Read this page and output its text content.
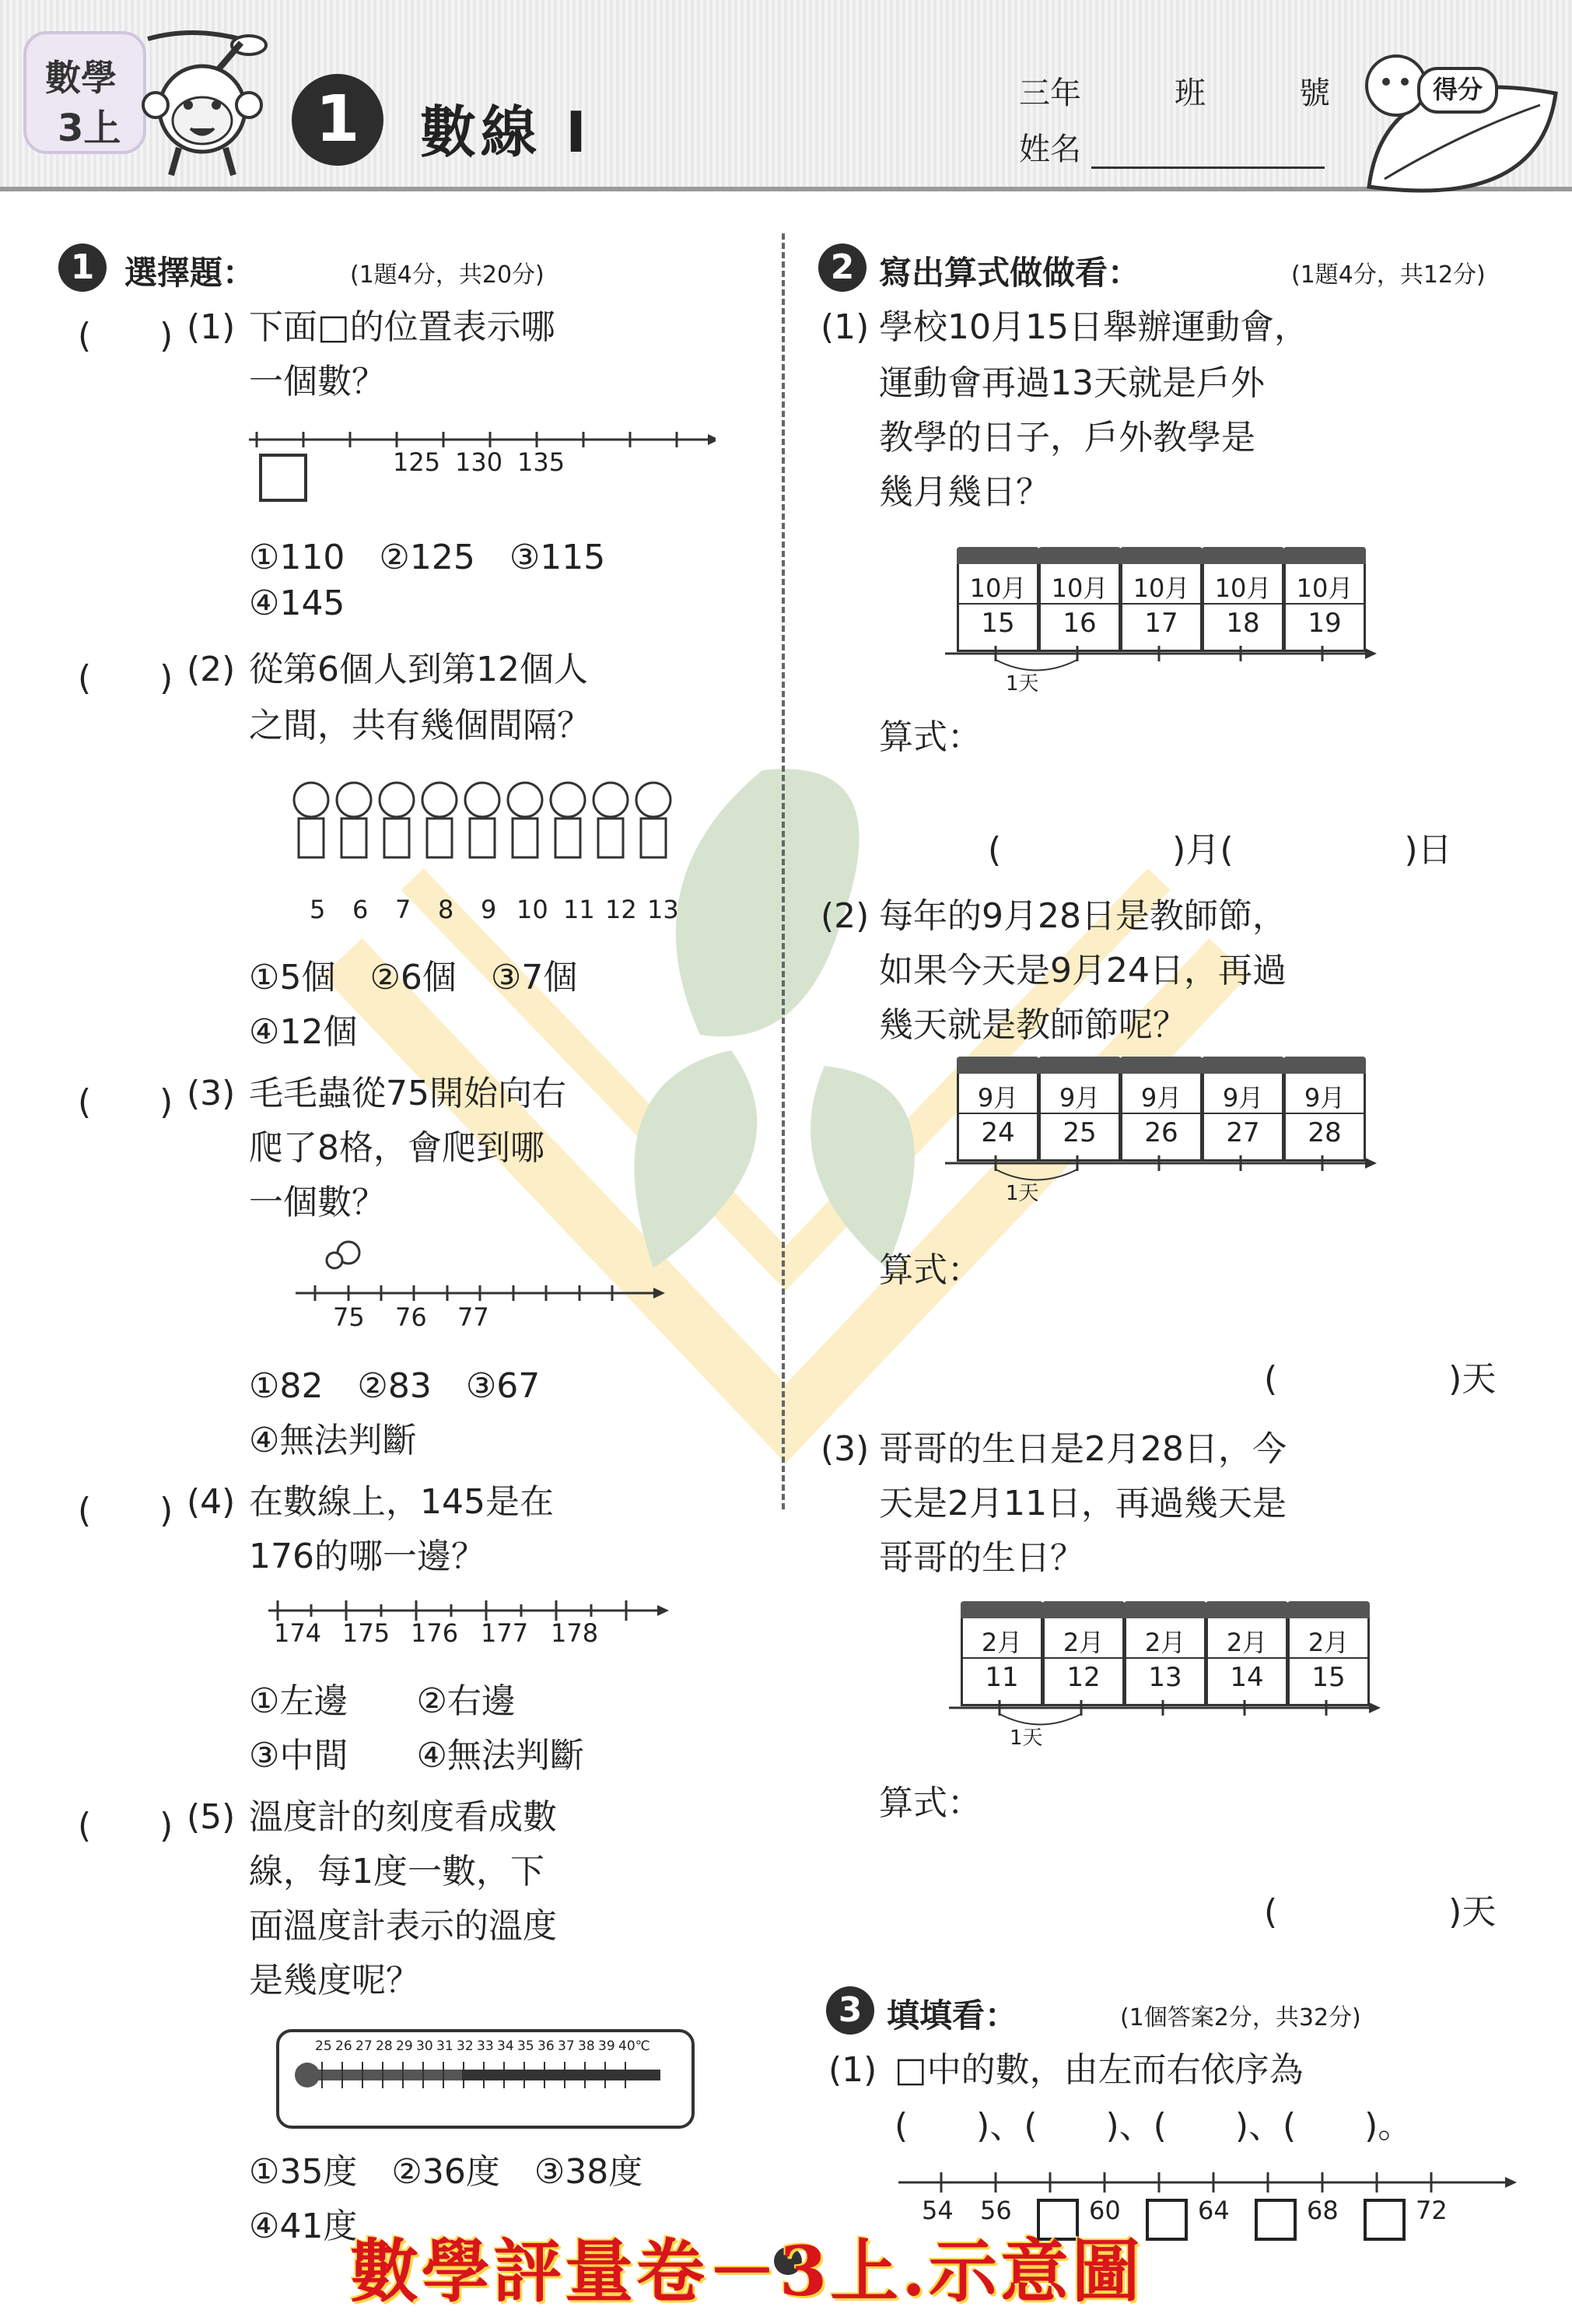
數學
3上	1	數線 I
三年　　　班　　　號
姓名
得分
1 選擇題：	(1題4分，共20分)
(　　) (1) 下面□的位置表示哪
一個數？
125 130 135
①110　②125　③115
④145
(　　) (2) 從第6個人到第12個人
之間，共有幾個間隔？
5 6 7 8 9 10 11 12 13
①5個　②6個　③7個
④12個
(　　) (3) 毛毛蟲從75開始向右
爬了8格，會爬到哪
一個數？
75 76 77
①82　②83　③67
④無法判斷
(　　) (4) 在數線上，145是在
176的哪一邊？
174 175 176 177 178
①左邊　　②右邊
③中間　　④無法判斷
(　　) (5) 溫度計的刻度看成數
線，每1度一數，下
面溫度計表示的溫度
是幾度呢？
25 26 27 28 29 30 31 32 33 34 35 36 37 38 39 40℃
①35度　②36度　③38度
④41度
2 寫出算式做做看：	(1題4分，共12分)
(1) 學校10月15日舉辦運動會，
運動會再過13天就是戶外
教學的日子，戶外教學是
幾月幾日？
10月
15
10月
16
10月
17
10月
18
10月
19
1天
算式：
(　　　　　)月(　　　　　)日
(2) 每年的9月28日是教師節，
如果今天是9月24日，再過
幾天就是教師節呢？
9月
24
9月
25
9月
26
9月
27
9月
28
1天
算式：
(　　　　　)天
(3) 哥哥的生日是2月28日，今
天是2月11日，再過幾天是
哥哥的生日？
2月
11
2月
12
2月
13
2月
14
2月
15
1天
算式：
(　　　　　)天
3 填填看：	(1個答案2分，共32分)
(1) □中的數，由左而右依序為
(　　)、(　　)、(　　)、(　　)。
54 56	60	64	68	72
數學評量卷－3上.示意圖
